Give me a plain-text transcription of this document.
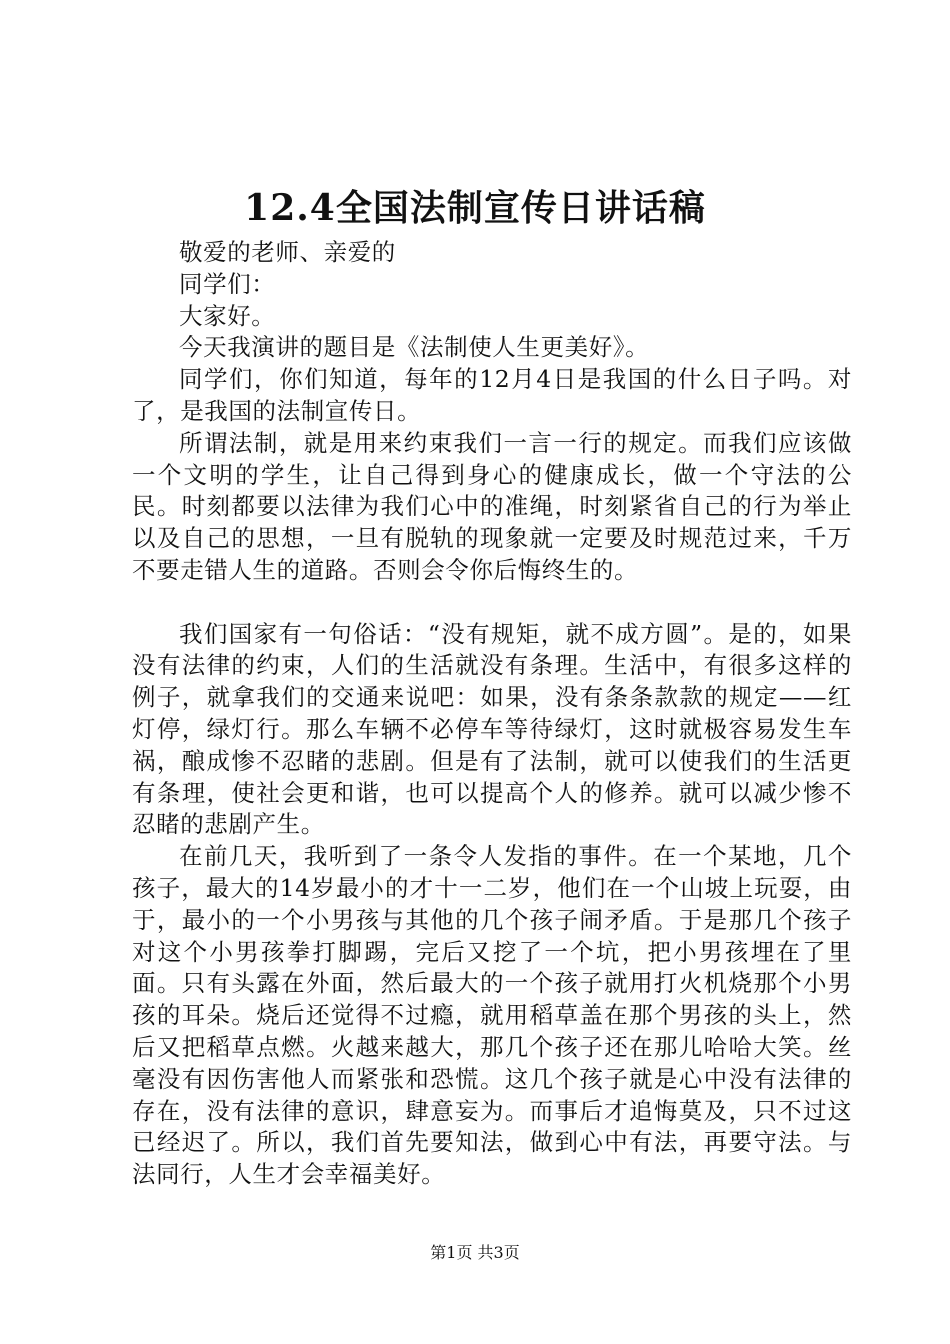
12.4全国法制宣传日讲话稿

敬爱的老师、亲爱的

同学们：

大家好。

今天我演讲的题目是《法制使人生更美好》。

同学们，你们知道，每年的12月4日是我国的什么日子吗。对了，是我国的法制宣传日。

所谓法制，就是用来约束我们一言一行的规定。而我们应该做一个文明的学生，让自己得到身心的健康成长，做一个守法的公民。时刻都要以法律为我们心中的准绳，时刻紧省自己的行为举止以及自己的思想，一旦有脱轨的现象就一定要及时规范过来，千万不要走错人生的道路。否则会令你后悔终生的。

我们国家有一句俗话：“没有规矩，就不成方圆”。是的，如果没有法律的约束，人们的生活就没有条理。生活中，有很多这样的例子，就拿我们的交通来说吧：如果，没有条条款款的规定——红灯停，绿灯行。那么车辆不必停车等待绿灯，这时就极容易发生车祸，酿成惨不忍睹的悲剧。但是有了法制，就可以使我们的生活更有条理，使社会更和谐，也可以提高个人的修养。就可以减少惨不忍睹的悲剧产生。

在前几天，我听到了一条令人发指的事件。在一个某地，几个孩子，最大的14岁最小的才十一二岁，他们在一个山坡上玩耍，由于，最小的一个小男孩与其他的几个孩子闹矛盾。于是那几个孩子对这个小男孩拳打脚踢，完后又挖了一个坑，把小男孩埋在了里面。只有头露在外面，然后最大的一个孩子就用打火机烧那个小男孩的耳朵。烧后还觉得不过瘾，就用稻草盖在那个男孩的头上，然后又把稻草点燃。火越来越大，那几个孩子还在那儿哈哈大笑。丝毫没有因伤害他人而紧张和恐慌。这几个孩子就是心中没有法律的存在，没有法律的意识，肆意妄为。而事后才追悔莫及，只不过这已经迟了。所以，我们首先要知法，做到心中有法，再要守法。与法同行，人生才会幸福美好。

第1页 共3页
